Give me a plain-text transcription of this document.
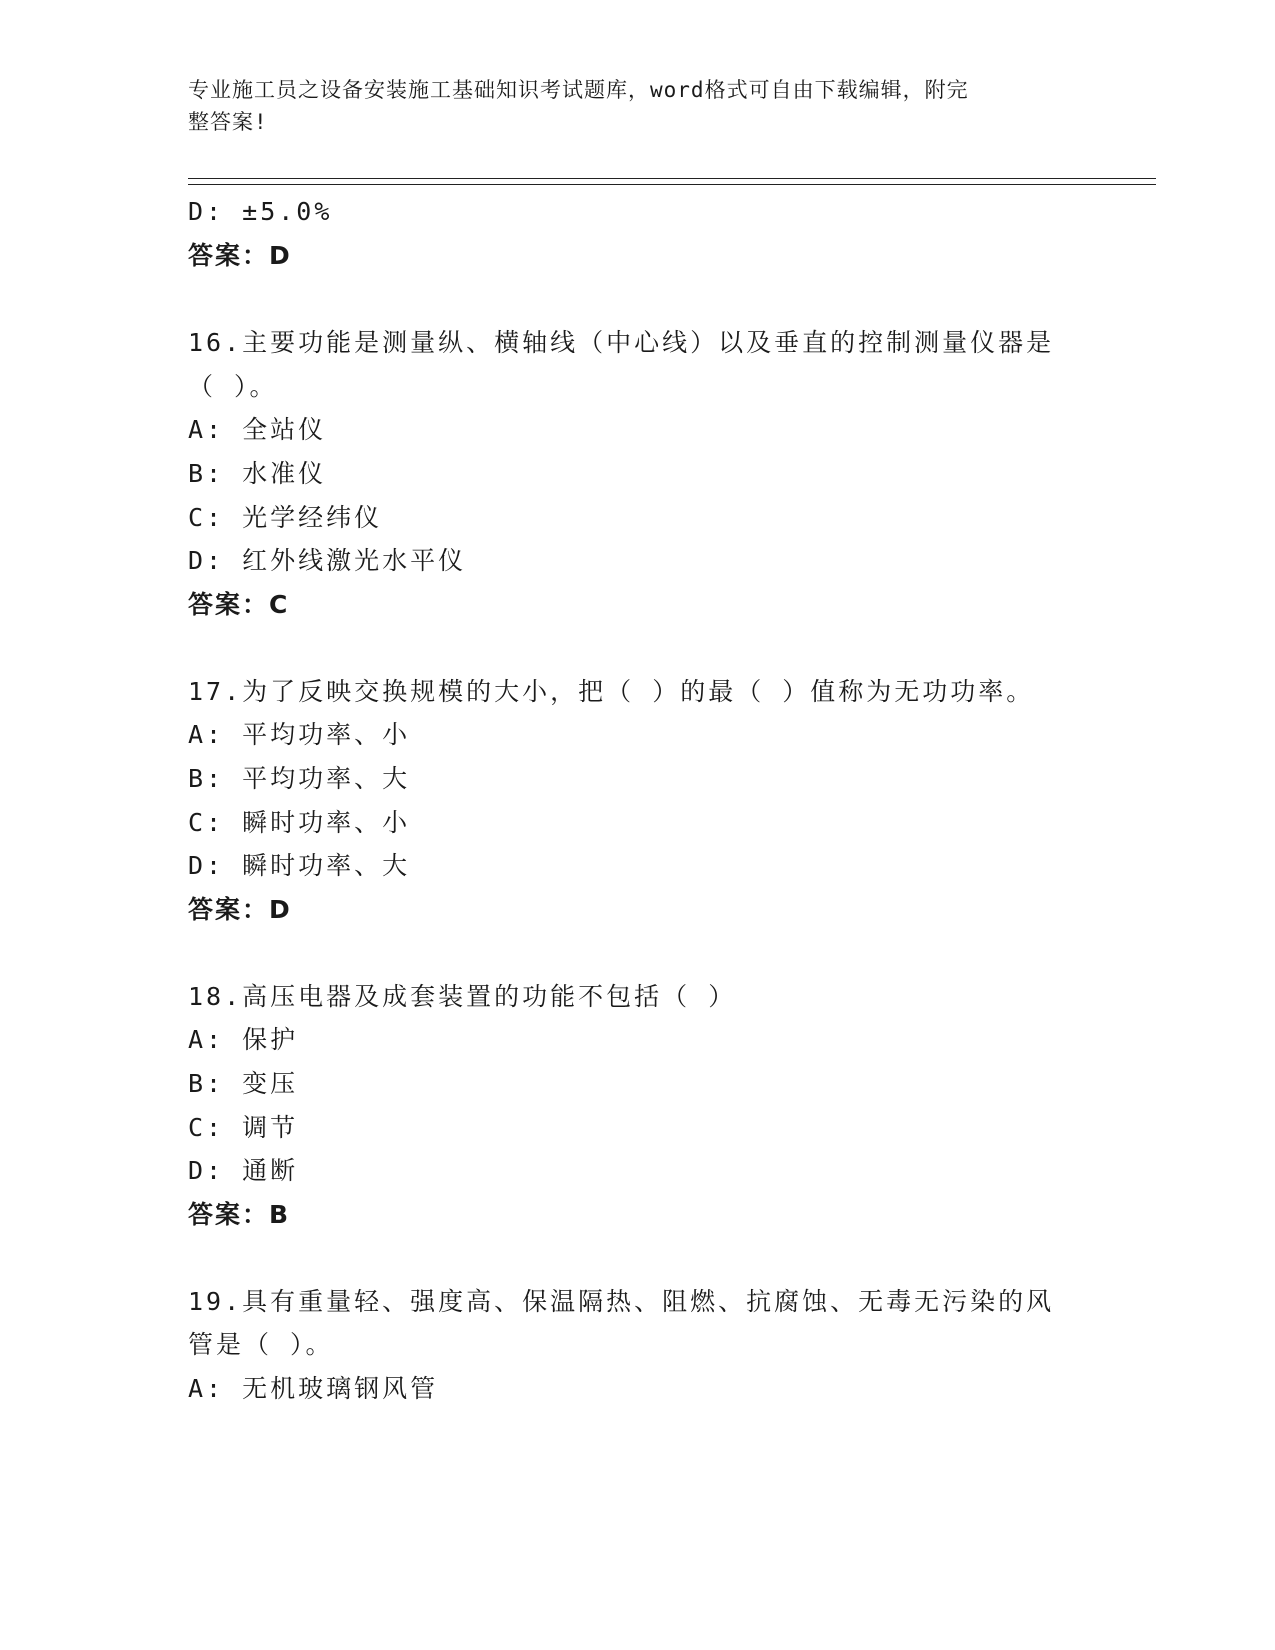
专业施工员之设备安装施工基础知识考试题库，word格式可自由下载编辑，附完
整答案!
D: ±5.0%
答案：D
16.主要功能是测量纵、横轴线（中心线）以及垂直的控制测量仪器是
（ ）。
A: 全站仪
B: 水准仪
C: 光学经纬仪
D: 红外线激光水平仪
答案：C
17.为了反映交换规模的大小，把（ ）的最（ ）值称为无功功率。
A: 平均功率、小
B: 平均功率、大
C: 瞬时功率、小
D: 瞬时功率、大
答案：D
18.高压电器及成套装置的功能不包括（ ）
A: 保护
B: 变压
C: 调节
D: 通断
答案：B
19.具有重量轻、强度高、保温隔热、阻燃、抗腐蚀、无毒无污染的风
管是（ ）。
A: 无机玻璃钢风管
